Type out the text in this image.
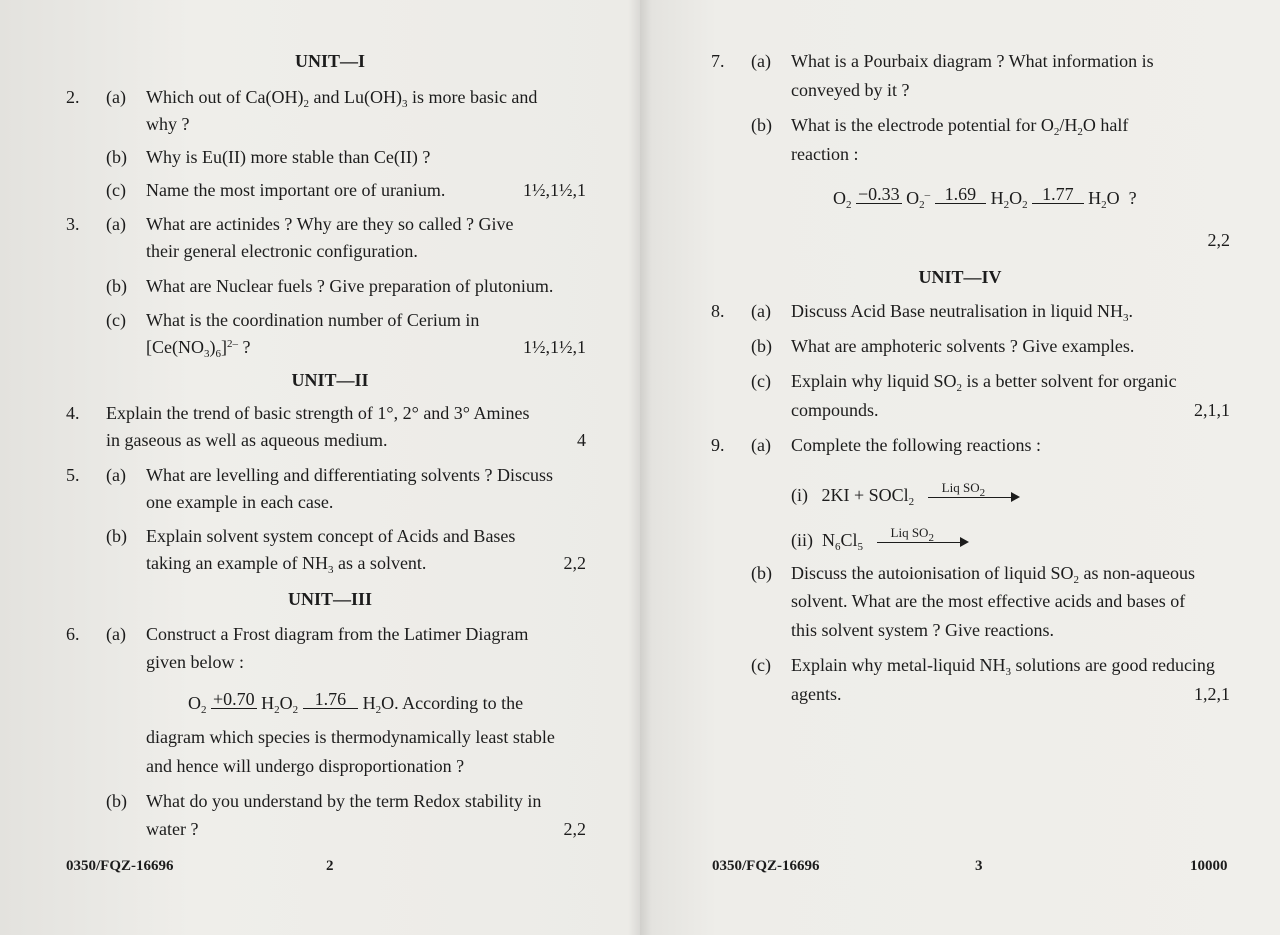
UNIT—I
2. (a) Which out of $Ca(OH)_2$ and $Lu(OH)_3$ is more basic and
why ?
(b) Why is Eu(II) more stable than Ce(II) ?
(c) Name the most important ore of uranium.	1½,1½,1
3. (a) What are actinides ? Why are they so called ? Give
their general electronic configuration.
(b) What are Nuclear fuels ? Give preparation of plutonium.
(c) What is the coordination number of Cerium in
$[Ce(NO_3)_6]^{2-}$ ?	1½,1½,1
UNIT—II
4. Explain the trend of basic strength of 1°, 2° and 3° Amines
in gaseous as well as aqueous medium.	4
5. (a) What are levelling and differentiating solvents ? Discuss
one example in each case.
(b) Explain solvent system concept of Acids and Bases
taking an example of $NH_3$ as a solvent.	2,2
UNIT—III
6. (a) Construct a Frost diagram from the Latimer Diagram
given below :
$O_2 +0.70$ $H_2O_2$ 1.76 $H_2O$. According to the
diagram which species is thermodynamically least stable
and hence will undergo disproportionation ?
(b) What do you understand by the term Redox stability in
water ?	2,2
0350/FQZ-16696	2
7. (a) What is a Pourbaix diagram ? What information is
conveyed by it ?
(b) What is the electrode potential for $O_2/H_2O$ half
reaction :
$O_2 -0.33$ $O_2^-$ 1.69 $H_2O_2$ 1.77 $H_2O$ ?
2,2
UNIT—IV
8. (a) Discuss Acid Base neutralisation in liquid $NH_3$.
(b) What are amphoteric solvents ? Give examples.
(c) Explain why liquid $SO_2$ is a better solvent for organic
compounds.	2,1,1
9. (a) Complete the following reactions :
(i) 2KI + SOCl$_2$
Liq $SO_2$
(ii) $N_6Cl_5$
Liq $SO_2$
(b) Discuss the autoionisation of liquid $SO_2$ as non-aqueous
solvent. What are the most effective acids and bases of
this solvent system ? Give reactions.
(c) Explain why metal-liquid $NH_3$ solutions are good reducing
agents.	1,2,1
0350/FQZ-16696	3	10000
